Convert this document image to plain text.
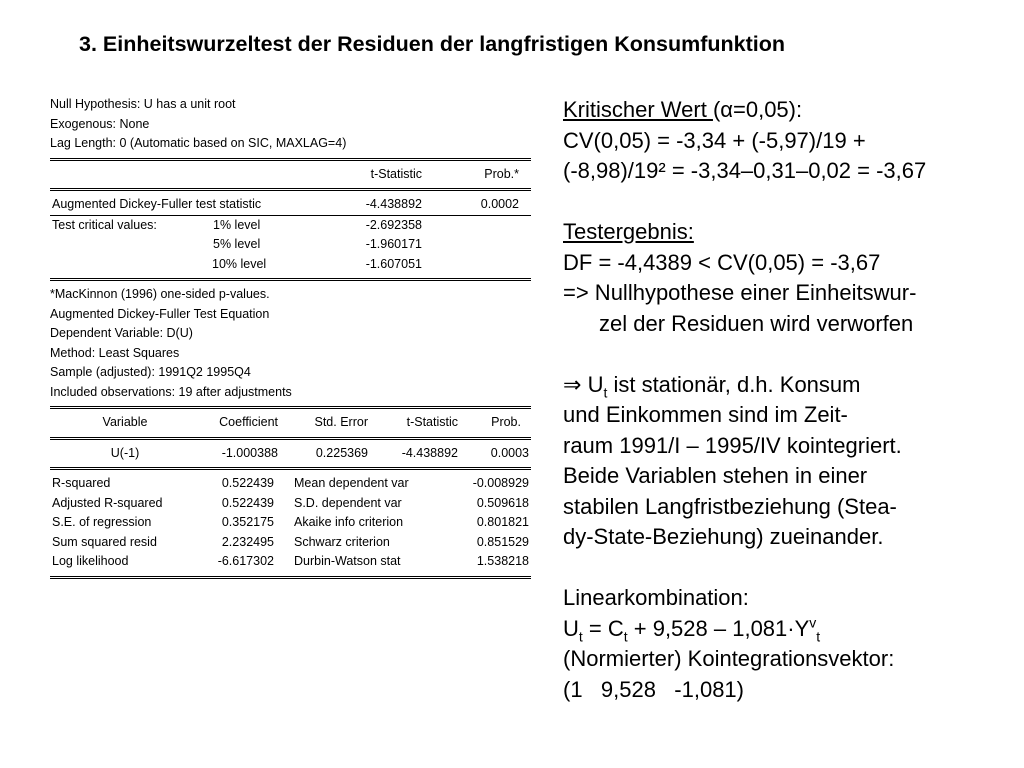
3. Einheitswurzeltest der Residuen der langfristigen Konsumfunktion
Null Hypothesis: U has a unit root
Exogenous: None
Lag Length: 0 (Automatic based on SIC, MAXLAG=4)
		t-Statistic	Prob.*
Augmented Dickey-Fuller test statistic	-4.438892	0.0002
Test critical values:	1% level	-2.692358	
	5% level	-1.960171	
	10% level	-1.607051	
*MacKinnon (1996) one-sided p-values.
Augmented Dickey-Fuller Test Equation
Dependent Variable: D(U)
Method: Least Squares
Sample (adjusted): 1991Q2 1995Q4
Included observations: 19 after adjustments
Variable	Coefficient	Std. Error	t-Statistic	Prob.
U(-1)	-1.000388	0.225369	-4.438892	0.0003
R-squared	0.522439	Mean dependent var	-0.008929
Adjusted R-squared	0.522439	S.D. dependent var	0.509618
S.E. of regression	0.352175	Akaike info criterion	0.801821
Sum squared resid	2.232495	Schwarz criterion	0.851529
Log likelihood	-6.617302	Durbin-Watson stat	1.538218
Kritischer Wert (α=0,05):
CV(0,05) = -3,34 + (-5,97)/19 +
(-8,98)/19² = -3,34–0,31–0,02 = -3,67
Testergebnis:
DF = -4,4389 < CV(0,05) = -3,67
=> Nullhypothese einer Einheitswur-
zel der Residuen wird verworfen
⇒ $U_t$ ist stationär, d.h. Konsum
und Einkommen sind im Zeit-
raum 1991/I – 1995/IV kointegriert.
Beide Variablen stehen in einer
stabilen Langfristbeziehung (Stea-
dy-State-Beziehung) zueinander.
Linearkombination:
$U_t = C_t + 9,528 - 1,081\cdot Y^v_t$
(Normierter) Kointegrationsvektor:
(1   9,528   -1,081)
